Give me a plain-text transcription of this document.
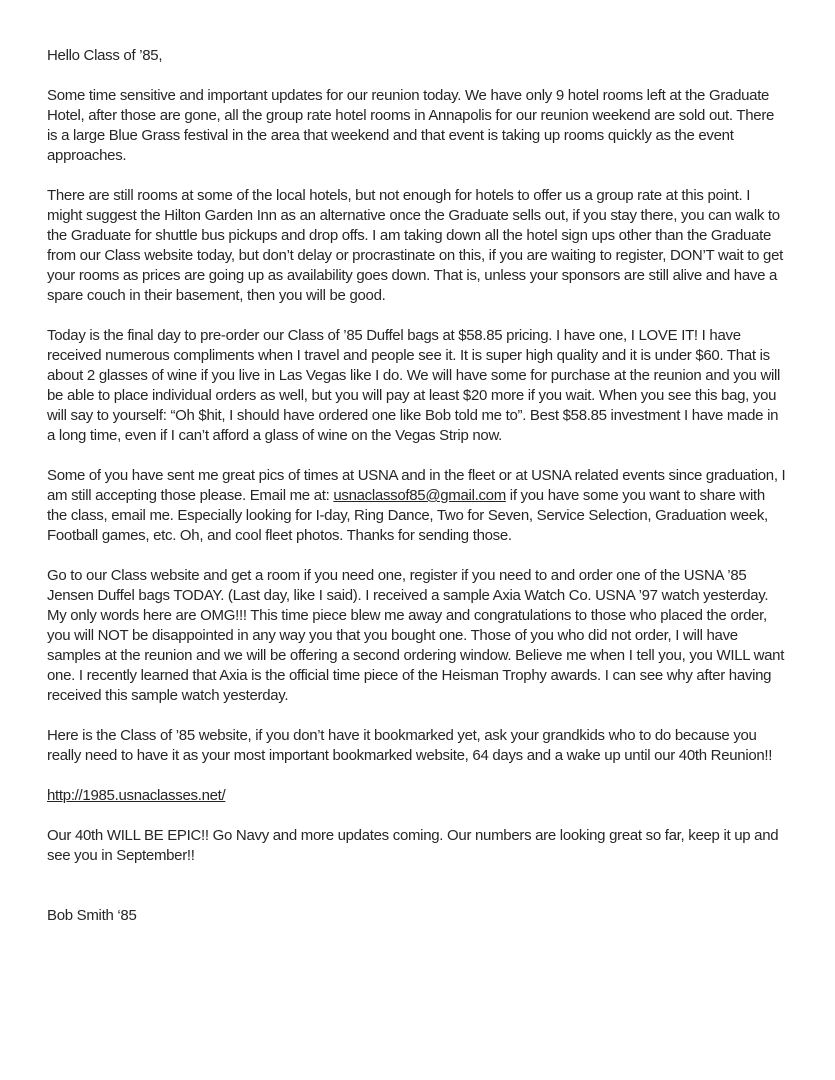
Hello Class of ’85,

Some time sensitive and important updates for our reunion today. We have only 9 hotel rooms left at the Graduate Hotel, after those are gone, all the group rate hotel rooms in Annapolis for our reunion weekend are sold out. There is a large Blue Grass festival in the area that weekend and that event is taking up rooms quickly as the event approaches.

There are still rooms at some of the local hotels, but not enough for hotels to offer us a group rate at this point. I might suggest the Hilton Garden Inn as an alternative once the Graduate sells out, if you stay there, you can walk to the Graduate for shuttle bus pickups and drop offs. I am taking down all the hotel sign ups other than the Graduate from our Class website today, but don’t delay or procrastinate on this, if you are waiting to register, DON’T wait to get your rooms as prices are going up as availability goes down. That is, unless your sponsors are still alive and have a spare couch in their basement, then you will be good.

Today is the final day to pre-order our Class of ’85 Duffel bags at $58.85 pricing. I have one, I LOVE IT! I have received numerous compliments when I travel and people see it. It is super high quality and it is under $60. That is about 2 glasses of wine if you live in Las Vegas like I do. We will have some for purchase at the reunion and you will be able to place individual orders as well, but you will pay at least $20 more if you wait. When you see this bag, you will say to yourself: “Oh $hit, I should have ordered one like Bob told me to”. Best $58.85 investment I have made in a long time, even if I can’t afford a glass of wine on the Vegas Strip now.

Some of you have sent me great pics of times at USNA and in the fleet or at USNA related events since graduation, I am still accepting those please. Email me at: usnaclassof85@gmail.com if you have some you want to share with the class, email me. Especially looking for I-day, Ring Dance, Two for Seven, Service Selection, Graduation week, Football games, etc. Oh, and cool fleet photos. Thanks for sending those.

Go to our Class website and get a room if you need one, register if you need to and order one of the USNA ’85 Jensen Duffel bags TODAY. (Last day, like I said). I received a sample Axia Watch Co. USNA ’97 watch yesterday. My only words here are OMG!!! This time piece blew me away and congratulations to those who placed the order, you will NOT be disappointed in any way you that you bought one. Those of you who did not order, I will have samples at the reunion and we will be offering a second ordering window. Believe me when I tell you, you WILL want one. I recently learned that Axia is the official time piece of the Heisman Trophy awards. I can see why after having received this sample watch yesterday.

Here is the Class of ’85 website, if you don’t have it bookmarked yet, ask your grandkids who to do because you really need to have it as your most important bookmarked website, 64 days and a wake up until our 40th Reunion!!

http://1985.usnaclasses.net/

Our 40th WILL BE EPIC!! Go Navy and more updates coming. Our numbers are looking great so far, keep it up and see you in September!!

Bob Smith ‘85
